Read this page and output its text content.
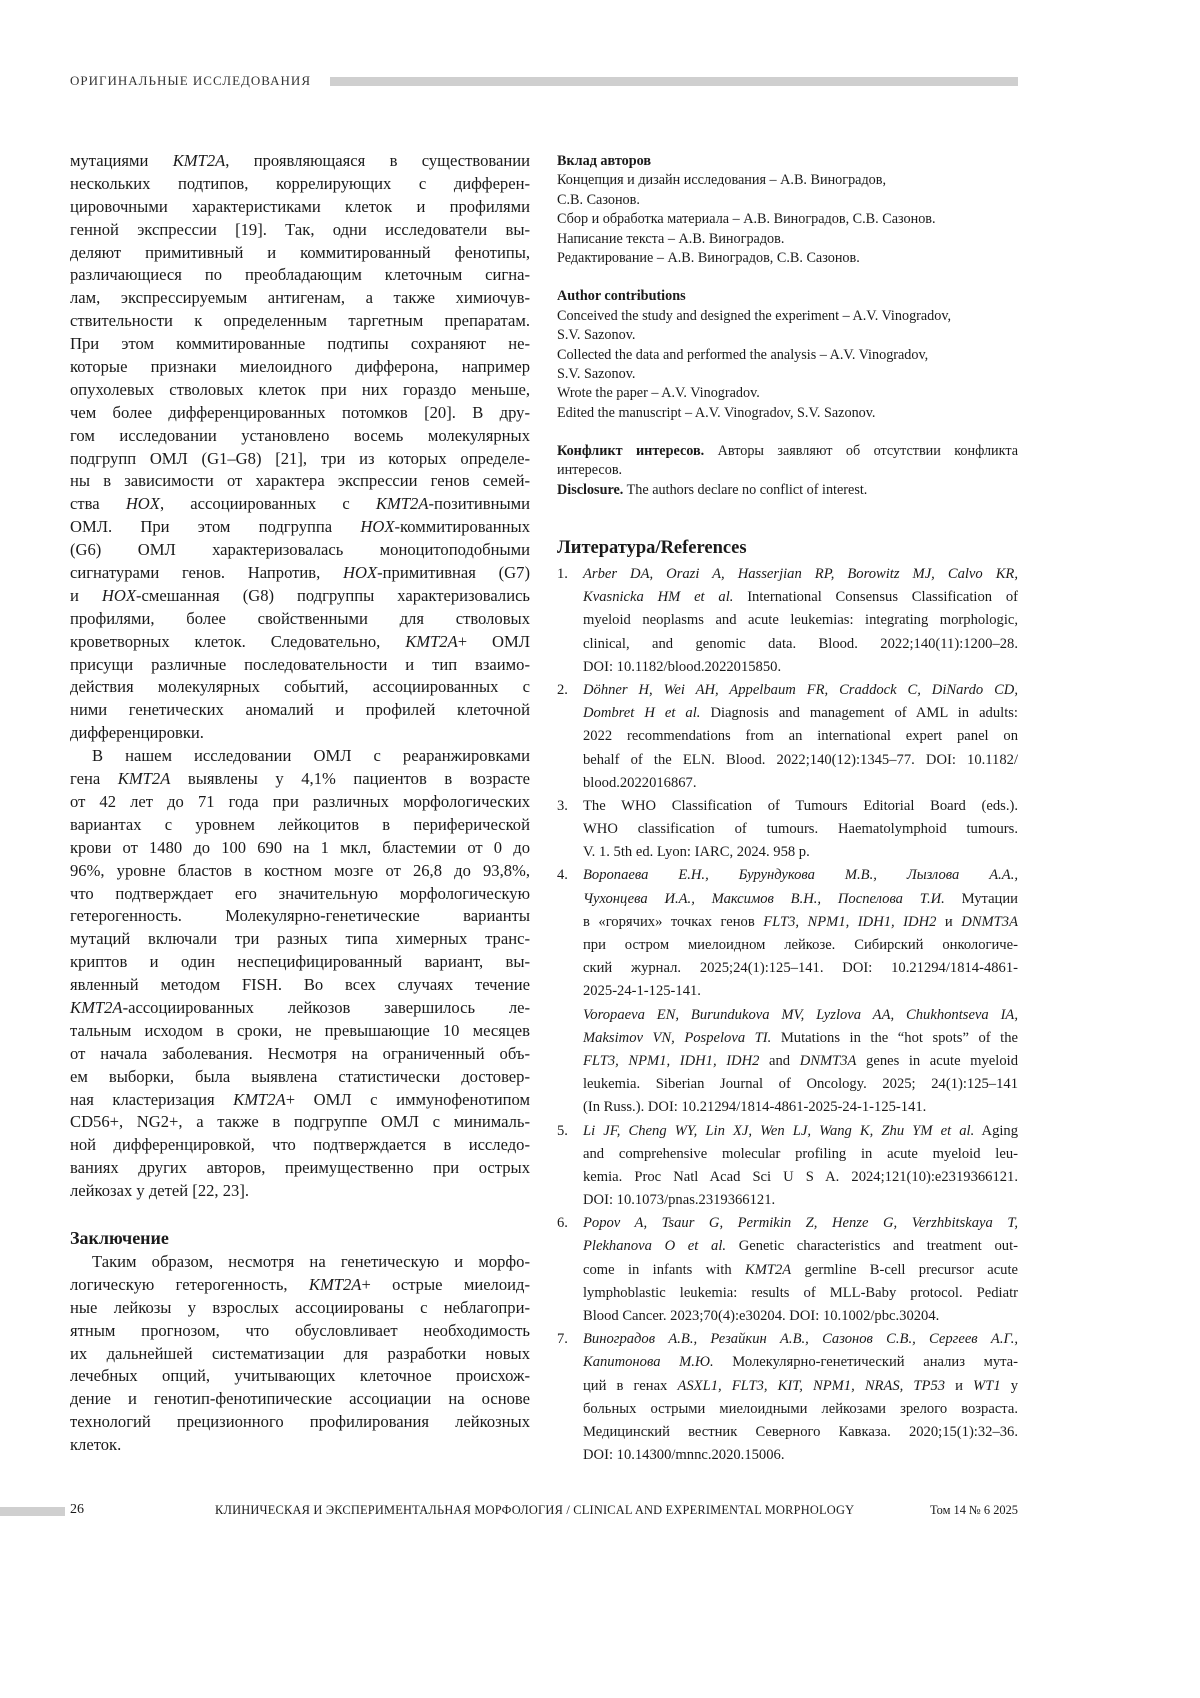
ОРИГИНАЛЬНЫЕ ИССЛЕДОВАНИЯ
мутациями KMT2A, проявляющаяся в существовании
нескольких подтипов, коррелирующих с дифферен-
цировочными характеристиками клеток и профилями
генной экспрессии [19]. Так, одни исследователи вы-
деляют примитивный и коммитированный фенотипы,
различающиеся по преобладающим клеточным сигна-
лам, экспрессируемым антигенам, а также химиочув-
ствительности к определенным таргетным препаратам.
При этом коммитированные подтипы сохраняют не-
которые признаки миелоидного дифферона, например
опухолевых стволовых клеток при них гораздо меньше,
чем более дифференцированных потомков [20]. В дру-
гом исследовании установлено восемь молекулярных
подгрупп ОМЛ (G1–G8) [21], три из которых определе-
ны в зависимости от характера экспрессии генов семей-
ства HOX, ассоциированных с KMT2A-позитивными
ОМЛ. При этом подгруппа HOX-коммитированных
(G6) ОМЛ характеризовалась моноцитоподобными
сигнатурами генов. Напротив, HOX-примитивная (G7)
и HOX-смешанная (G8) подгруппы характеризовались
профилями, более свойственными для стволовых
кроветворных клеток. Следовательно, KMT2A+ ОМЛ
присущи различные последовательности и тип взаимо-
действия молекулярных событий, ассоциированных с
ними генетических аномалий и профилей клеточной
дифференцировки.
В нашем исследовании ОМЛ с реаранжировками
гена KMT2A выявлены у 4,1% пациентов в возрасте
от 42 лет до 71 года при различных морфологических
вариантах с уровнем лейкоцитов в периферической
крови от 1480 до 100 690 на 1 мкл, бластемии от 0 до
96%, уровне бластов в костном мозге от 26,8 до 93,8%,
что подтверждает его значительную морфологическую
гетерогенность. Молекулярно-генетические варианты
мутаций включали три разных типа химерных транс-
криптов и один неспецифицированный вариант, вы-
явленный методом FISH. Во всех случаях течение
KMT2A-ассоциированных лейкозов завершилось ле-
тальным исходом в сроки, не превышающие 10 месяцев
от начала заболевания. Несмотря на ограниченный объ-
ем выборки, была выявлена статистически достовер-
ная кластеризация KMT2A+ ОМЛ с иммунофенотипом
CD56+, NG2+, а также в подгруппе ОМЛ с минималь-
ной дифференцировкой, что подтверждается в исследо-
ваниях других авторов, преимущественно при острых
лейкозах у детей [22, 23].
Заключение
Таким образом, несмотря на генетическую и морфо-
логическую гетерогенность, KMT2A+ острые миелоид-
ные лейкозы у взрослых ассоциированы с неблагопри-
ятным прогнозом, что обусловливает необходимость
их дальнейшей систематизации для разработки новых
лечебных опций, учитывающих клеточное происхож-
дение и генотип-фенотипические ассоциации на основе
технологий прецизионного профилирования лейкозных
клеток.
Вклад авторов
Концепция и дизайн исследования – А.В. Виноградов,
С.В. Сазонов.
Сбор и обработка материала – А.В. Виноградов, С.В. Сазонов.
Написание текста – А.В. Виноградов.
Редактирование – А.В. Виноградов, С.В. Сазонов.
Author contributions
Conceived the study and designed the experiment – A.V. Vinogradov,
S.V. Sazonov.
Collected the data and performed the analysis – A.V. Vinogradov,
S.V. Sazonov.
Wrote the paper – A.V. Vinogradov.
Edited the manuscript – A.V. Vinogradov, S.V. Sazonov.
Конфликт интересов. Авторы заявляют об отсутствии конфликта
интересов.
Disclosure. The authors declare no conflict of interest.
Литература/References
1. Arber DA, Orazi A, Hasserjian RP, Borowitz MJ, Calvo KR,
Kvasnicka HM et al. International Consensus Classification of
myeloid neoplasms and acute leukemias: integrating morphologic,
clinical, and genomic data. Blood. 2022;140(11):1200–28.
DOI: 10.1182/blood.2022015850.
2. Döhner H, Wei AH, Appelbaum FR, Craddock C, DiNardo CD,
Dombret H et al. Diagnosis and management of AML in adults:
2022 recommendations from an international expert panel on
behalf of the ELN. Blood. 2022;140(12):1345–77. DOI: 10.1182/
blood.2022016867.
3. The WHO Classification of Tumours Editorial Board (eds.).
WHO classification of tumours. Haematolymphoid tumours.
V. 1. 5th ed. Lyon: IARC, 2024. 958 p.
4. Воропаева Е.Н., Бурундукова М.В., Лызлова А.А.,
Чухонцева И.А., Максимов В.Н., Поспелова Т.И. Мутации
в «горячих» точках генов FLT3, NPM1, IDH1, IDH2 и DNMT3A
при остром миелоидном лейкозе. Сибирский онкологиче-
ский журнал. 2025;24(1):125–141. DOI: 10.21294/1814-4861-
2025-24-1-125-141.
Voropaeva EN, Burundukova MV, Lyzlova AA, Chukhontseva IA,
Maksimov VN, Pospelova TI. Mutations in the “hot spots” of the
FLT3, NPM1, IDH1, IDH2 and DNMT3A genes in acute myeloid
leukemia. Siberian Journal of Oncology. 2025; 24(1):125–141
(In Russ.). DOI: 10.21294/1814-4861-2025-24-1-125-141.
5. Li JF, Cheng WY, Lin XJ, Wen LJ, Wang K, Zhu YM et al. Aging
and comprehensive molecular profiling in acute myeloid leu-
kemia. Proc Natl Acad Sci U S A. 2024;121(10):e2319366121.
DOI: 10.1073/pnas.2319366121.
6. Popov A, Tsaur G, Permikin Z, Henze G, Verzhbitskaya T,
Plekhanova O et al. Genetic characteristics and treatment out-
come in infants with KMT2A germline B-cell precursor acute
lymphoblastic leukemia: results of MLL-Baby protocol. Pediatr
Blood Cancer. 2023;70(4):e30204. DOI: 10.1002/pbc.30204.
7. Виноградов А.В., Резайкин А.В., Сазонов С.В., Сергеев А.Г.,
Капитонова М.Ю. Молекулярно-генетический анализ мута-
ций в генах ASXL1, FLT3, KIT, NPM1, NRAS, TP53 и WT1 у
больных острыми миелоидными лейкозами зрелого возраста.
Медицинский вестник Северного Кавказа. 2020;15(1):32–36.
DOI: 10.14300/mnnc.2020.15006.
26	КЛИНИЧЕСКАЯ И ЭКСПЕРИМЕНТАЛЬНАЯ МОРФОЛОГИЯ / CLINICAL AND EXPERIMENTAL MORPHOLOGY	Том 14 № 6 2025
